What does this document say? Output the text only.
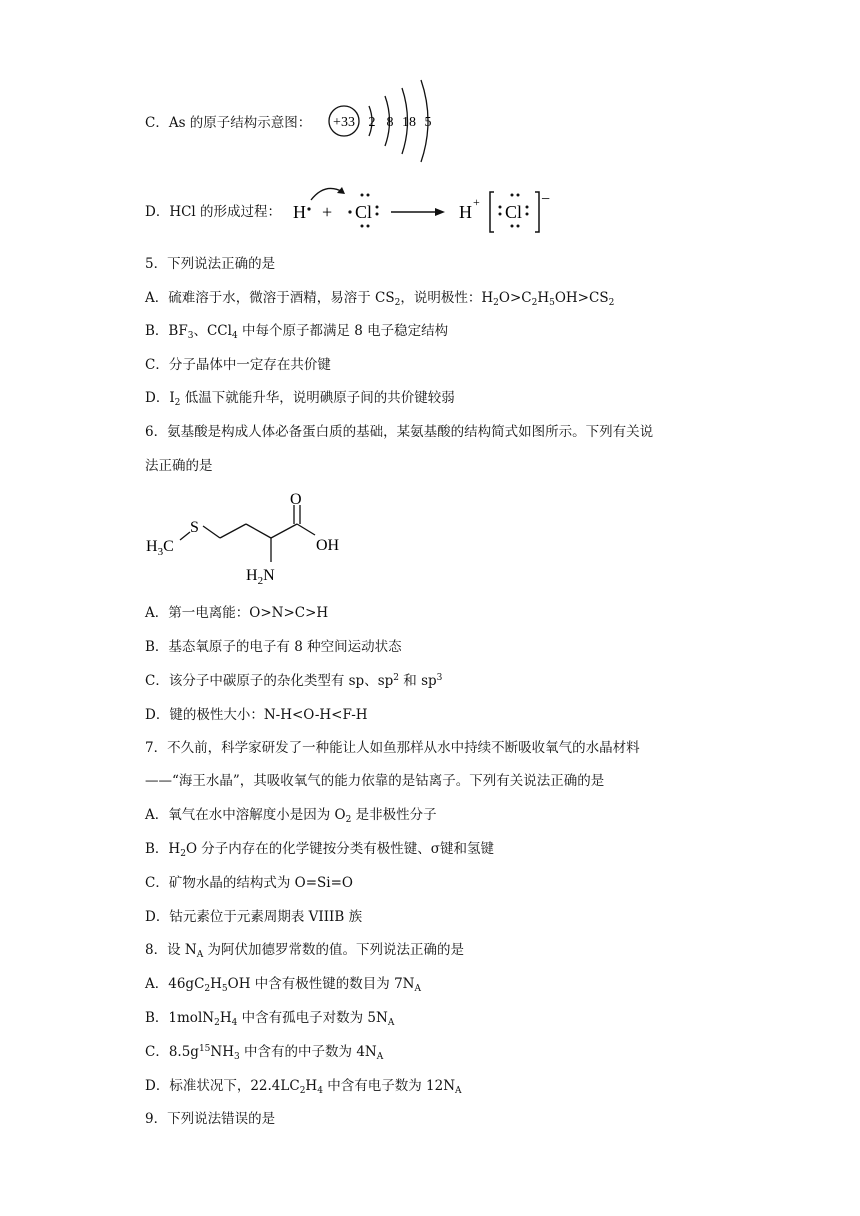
C．As 的原子结构示意图： +33 2 8 18 5
D．HCl 的形成过程： H + Cl	H + Cl
−
5．下列说法正确的是
A．硫难溶于水，微溶于酒精，易溶于 $CS_2$，说明极性：$H_2O>C_2H_5OH>CS_2$
B．$BF_3$、CCl$_4$ 中每个原子都满足 8 电子稳定结构
C．分子晶体中一定存在共价键
D．$I_2$ 低温下就能升华，说明碘原子间的共价键较弱
6．氨基酸是构成人体必备蛋白质的基础，某氨基酸的结构简式如图所示。下列有关说
法正确的是
$H_3C$
S
O
OH
$H_2N$
A．第一电离能：O>N>C>H
B．基态氧原子的电子有 8 种空间运动状态
C．该分子中碳原子的杂化类型有 sp、$sp^2$ 和 $sp^3$
D．键的极性大小：N-H<O-H<F-H
7．不久前，科学家研发了一种能让人如鱼那样从水中持续不断吸收氧气的水晶材料
——“海王水晶”，其吸收氧气的能力依靠的是钴离子。下列有关说法正确的是
A．氧气在水中溶解度小是因为 $O_2$ 是非极性分子
B．$H_2O$ 分子内存在的化学键按分类有极性键、σ键和氢键
C．矿物水晶的结构式为 O=Si=O
D．钴元素位于元素周期表 VIIIB 族
8．设 $N_A$ 为阿伏加德罗常数的值。下列说法正确的是
A．$46gC_2H_5OH$ 中含有极性键的数目为 $7N_A$
B．$1molN_2H_4$ 中含有孤电子对数为 $5N_A$
C．$8.5g^{15}NH_3$ 中含有的中子数为 $4N_A$
D．标准状况下，$22.4LC_2H_4$ 中含有电子数为 $12N_A$
9．下列说法错误的是
